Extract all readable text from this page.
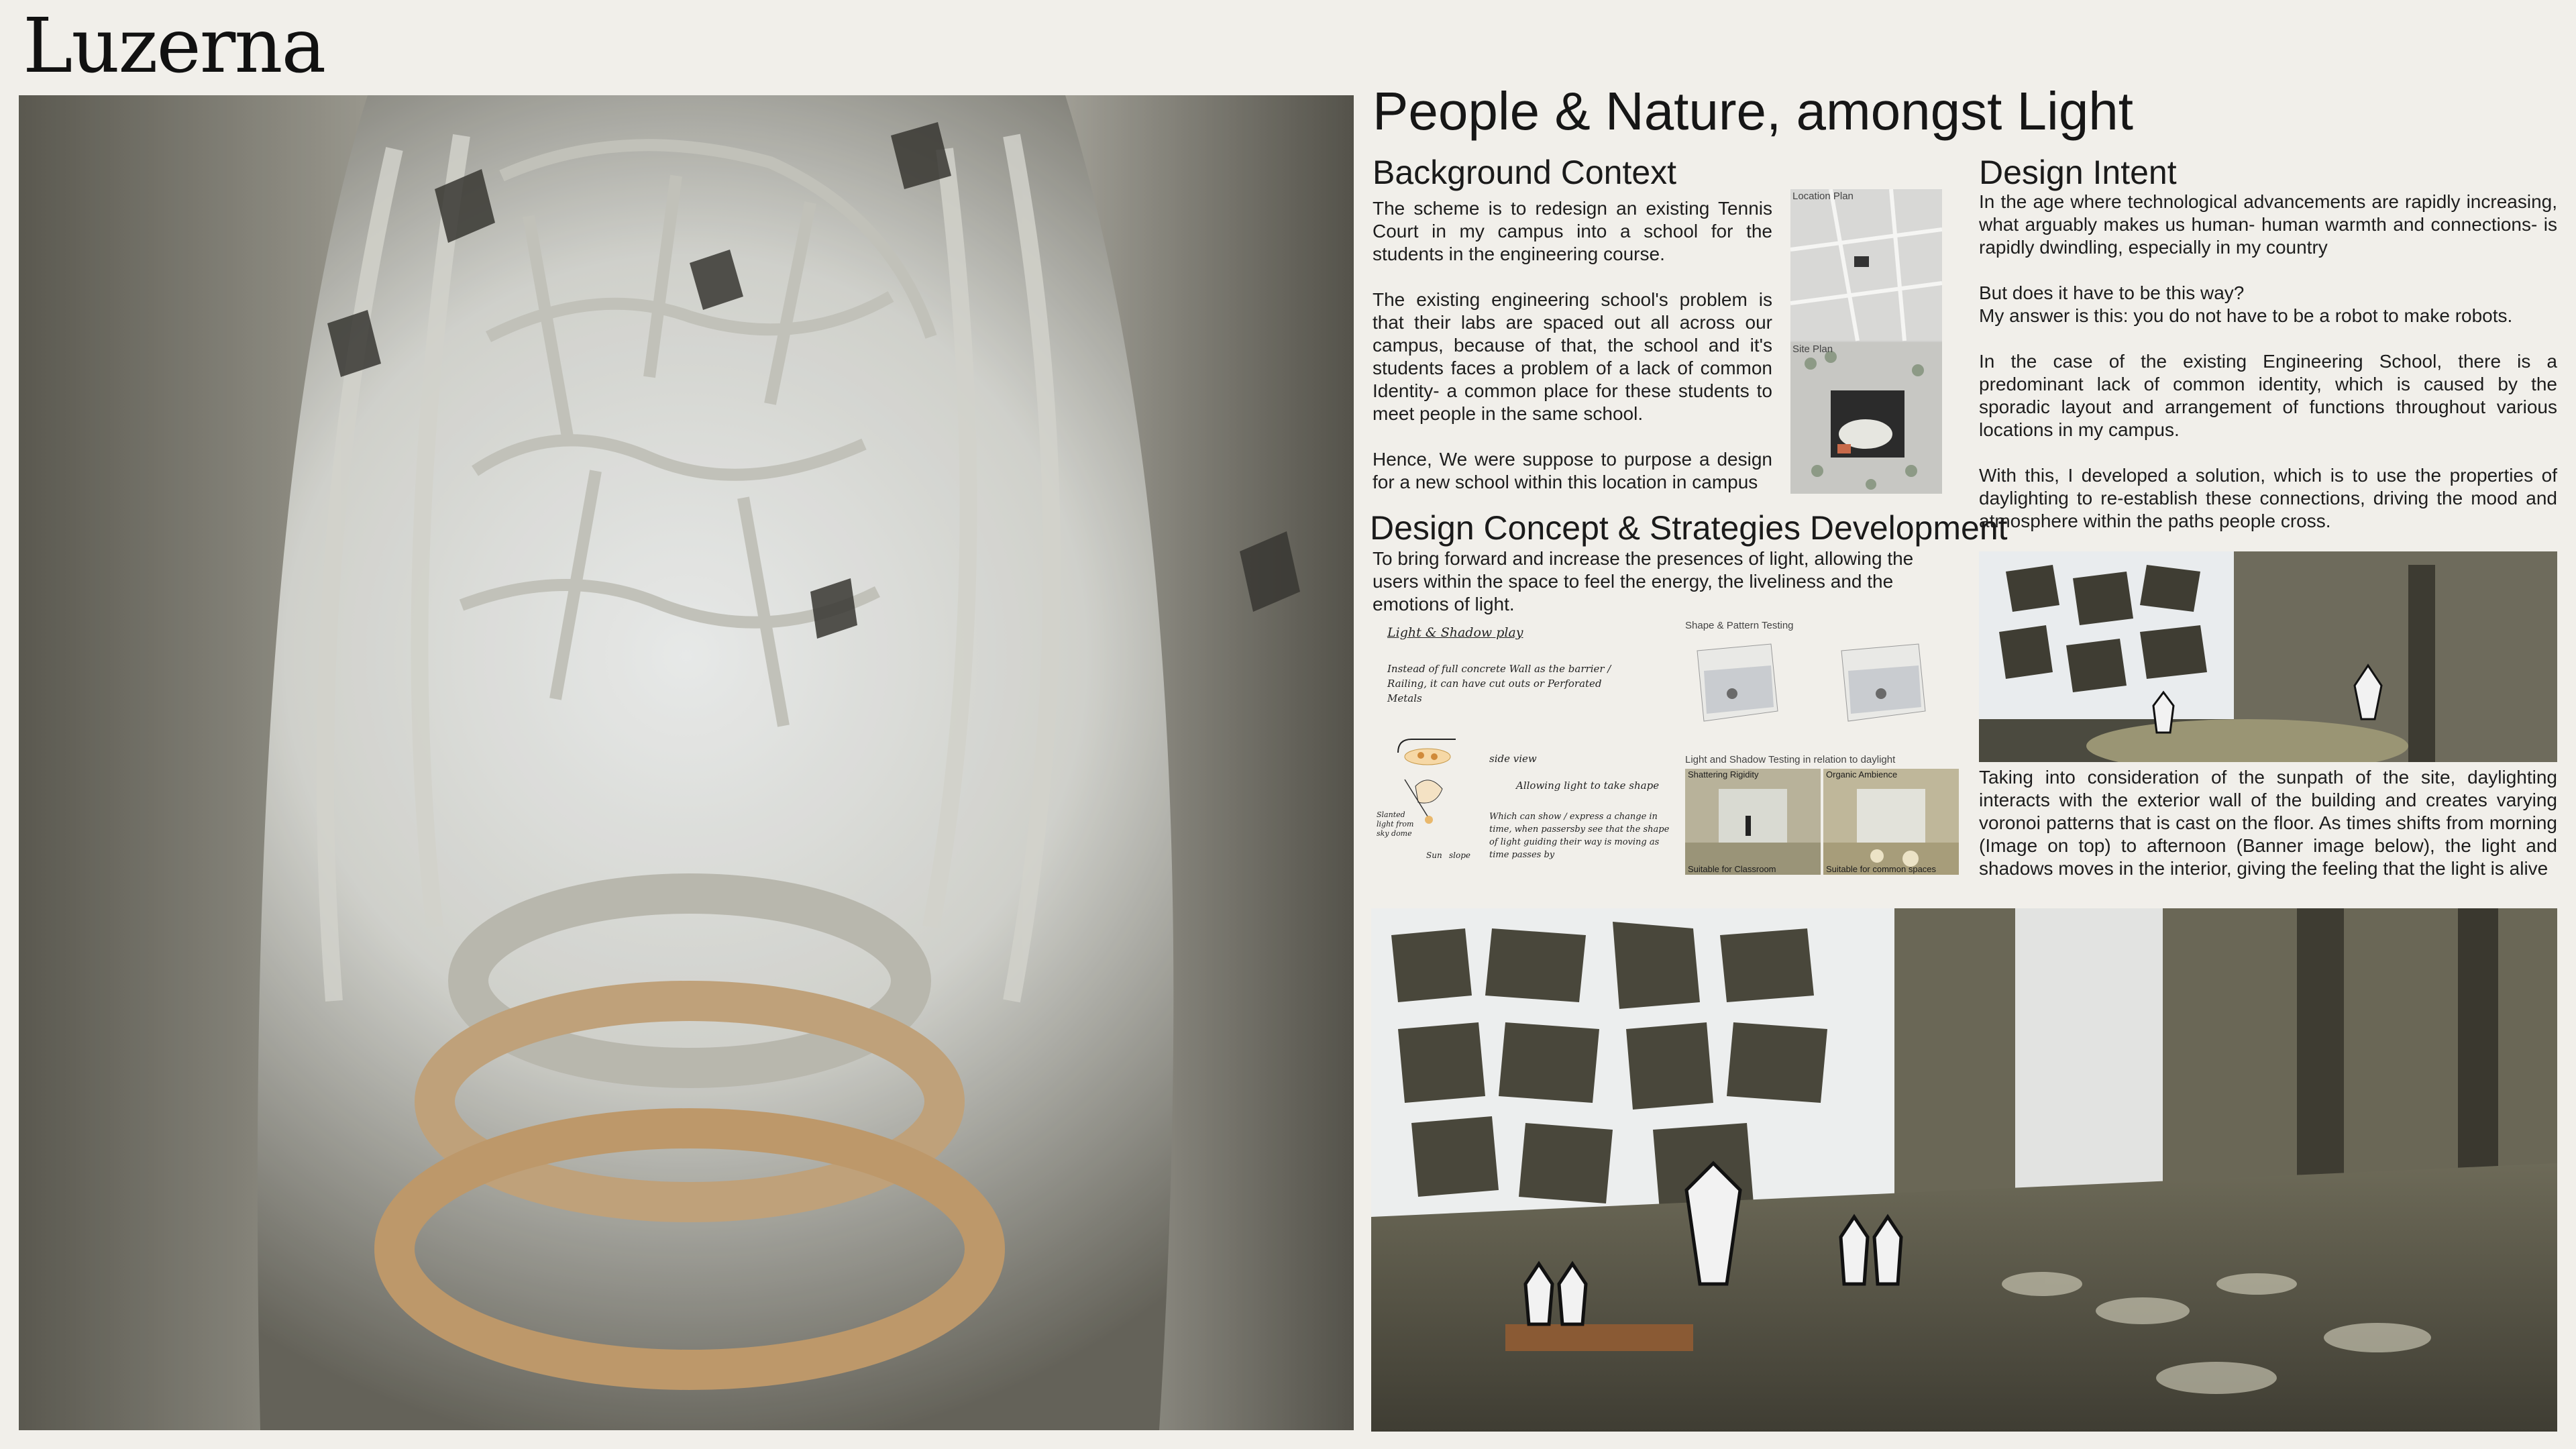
Luzerna
People & Nature, amongst Light
Background Context

The scheme is to redesign an existing Tennis Court in my campus into a school for the students in the engineering course.

The existing engineering school's problem is that their labs are spaced out all across our campus, because of that, the school and it's students faces a problem of a lack of common Identity- a common place for these students to meet people in the same school.

Hence, We were suppose to purpose a design for a new school within this location in campus

Location Plan
Site Plan
Design Intent

In the age where technological advancements are rapidly increasing, what arguably makes us human- human warmth and connections- is rapidly dwindling, especially in my country

But does it have to be this way?
My answer is this: you do not have to be a robot to make robots.

In the case of the existing Engineering School, there is a predominant lack of common identity, which is caused by the sporadic layout and arrangement of functions throughout various locations in my campus.

With this, I developed a solution, which is to use the properties of daylighting to re-establish these connections, driving the mood and atmosphere within the paths people cross.

Design Concept & Strategies Development
To bring forward and increase the presences of light, allowing the users within the space to feel the energy, the liveliness and the emotions of light.
Light & Shadow play
Instead of full concrete Wall as the barrier / Railing, it can have cut outs or Perforated Metals
side view
Allowing light to take shape
Which can show / express a change in time, when passersby see that the shape of light guiding their way is moving as time passes by
Slanted light from sky dome
Sun slope
Shape & Pattern Testing
Light and Shadow Testing in relation to daylight
Shattering Rigidity
Suitable for Classroom
Organic Ambience
Suitable for common spaces
Taking into consideration of the sunpath of the site, daylighting interacts with the exterior wall of the building and creates varying voronoi patterns that is cast on the floor. As times shifts from morning (Image on top) to afternoon (Banner image below), the light and shadows moves in the interior, giving the feeling that the light is alive
